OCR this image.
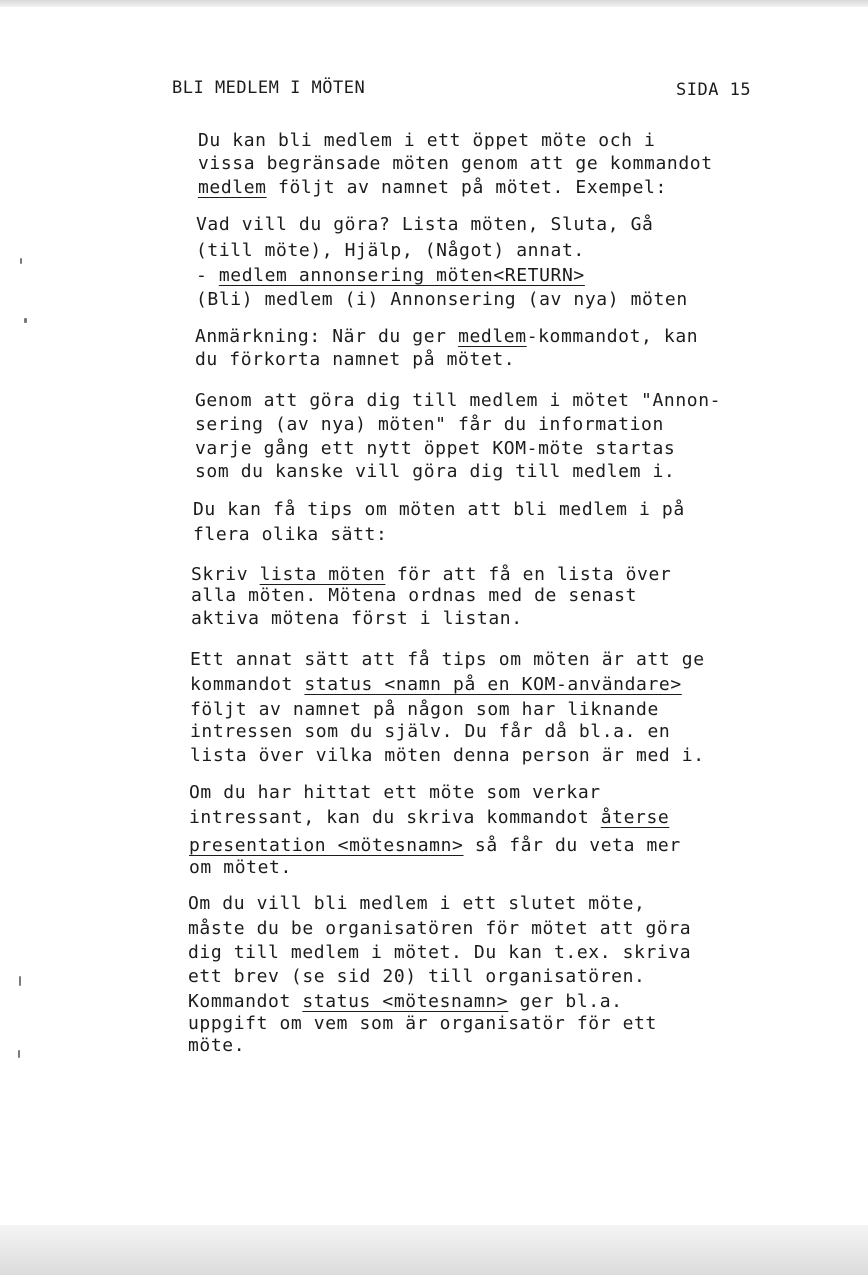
BLI MEDLEM I MÖTEN	SIDA 15
Du kan bli medlem i ett öppet möte och i
vissa begränsade möten genom att ge kommandot
medlem följt av namnet på mötet. Exempel:
Vad vill du göra? Lista möten, Sluta, Gå
(till möte), Hjälp, (Något) annat.
- medlem annonsering möten<RETURN>
(Bli) medlem (i) Annonsering (av nya) möten
Anmärkning: När du ger medlem-kommandot, kan
du förkorta namnet på mötet.
Genom att göra dig till medlem i mötet "Annon-
sering (av nya) möten" får du information
varje gång ett nytt öppet KOM-möte startas
som du kanske vill göra dig till medlem i.
Du kan få tips om möten att bli medlem i på
flera olika sätt:
Skriv lista möten för att få en lista över
alla möten. Mötena ordnas med de senast
aktiva mötena först i listan.
Ett annat sätt att få tips om möten är att ge
kommandot status <namn på en KOM-användare>
följt av namnet på någon som har liknande
intressen som du själv. Du får då bl.a. en
lista över vilka möten denna person är med i.
Om du har hittat ett möte som verkar
intressant, kan du skriva kommandot återse
presentation <mötesnamn> så får du veta mer
om mötet.
Om du vill bli medlem i ett slutet möte,
måste du be organisatören för mötet att göra
dig till medlem i mötet. Du kan t.ex. skriva
ett brev (se sid 20) till organisatören.
Kommandot status <mötesnamn> ger bl.a.
uppgift om vem som är organisatör för ett
möte.
